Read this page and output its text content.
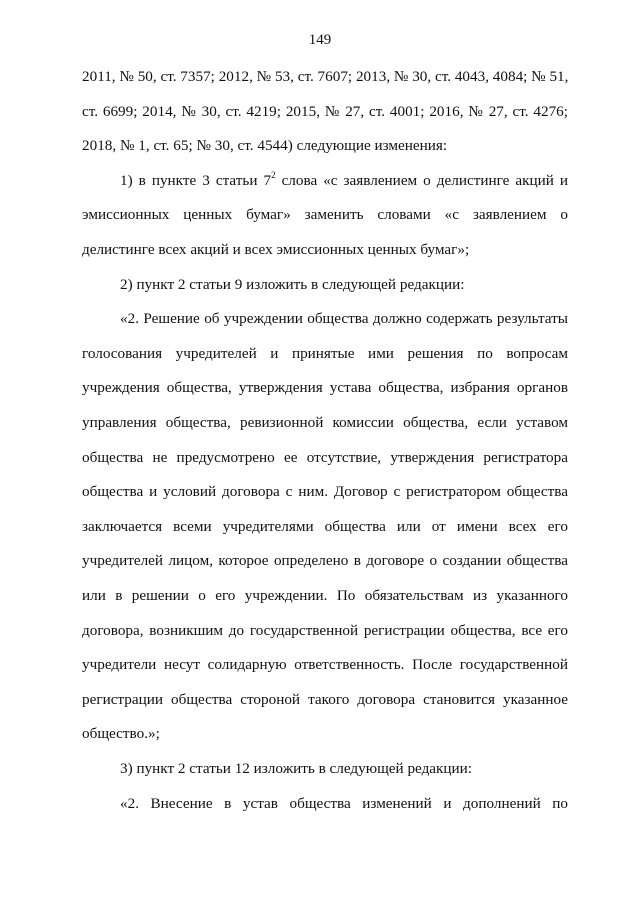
149
2011, № 50, ст. 7357; 2012, № 53, ст. 7607; 2013, № 30, ст. 4043, 4084; № 51,
ст. 6699; 2014, № 30, ст. 4219; 2015, № 27, ст. 4001; 2016, № 27, ст. 4276;
2018, № 1, ст. 65; № 30, ст. 4544) следующие изменения:
1) в пункте 3 статьи $7^2$ слова «с заявлением о делистинге акций и
эмиссионных ценных бумаг» заменить словами «с заявлением о
делистинге всех акций и всех эмиссионных ценных бумаг»;
2) пункт 2 статьи 9 изложить в следующей редакции:
«2. Решение об учреждении общества должно содержать результаты
голосования учредителей и принятые ими решения по вопросам
учреждения общества, утверждения устава общества, избрания органов
управления общества, ревизионной комиссии общества, если уставом
общества не предусмотрено ее отсутствие, утверждения регистратора
общества и условий договора с ним. Договор с регистратором общества
заключается всеми учредителями общества или от имени всех его
учредителей лицом, которое определено в договоре о создании общества
или в решении о его учреждении. По обязательствам из указанного
договора, возникшим до государственной регистрации общества, все его
учредители несут солидарную ответственность. После государственной
регистрации общества стороной такого договора становится указанное
общество.»;
3) пункт 2 статьи 12 изложить в следующей редакции:
«2. Внесение в устав общества изменений и дополнений по
